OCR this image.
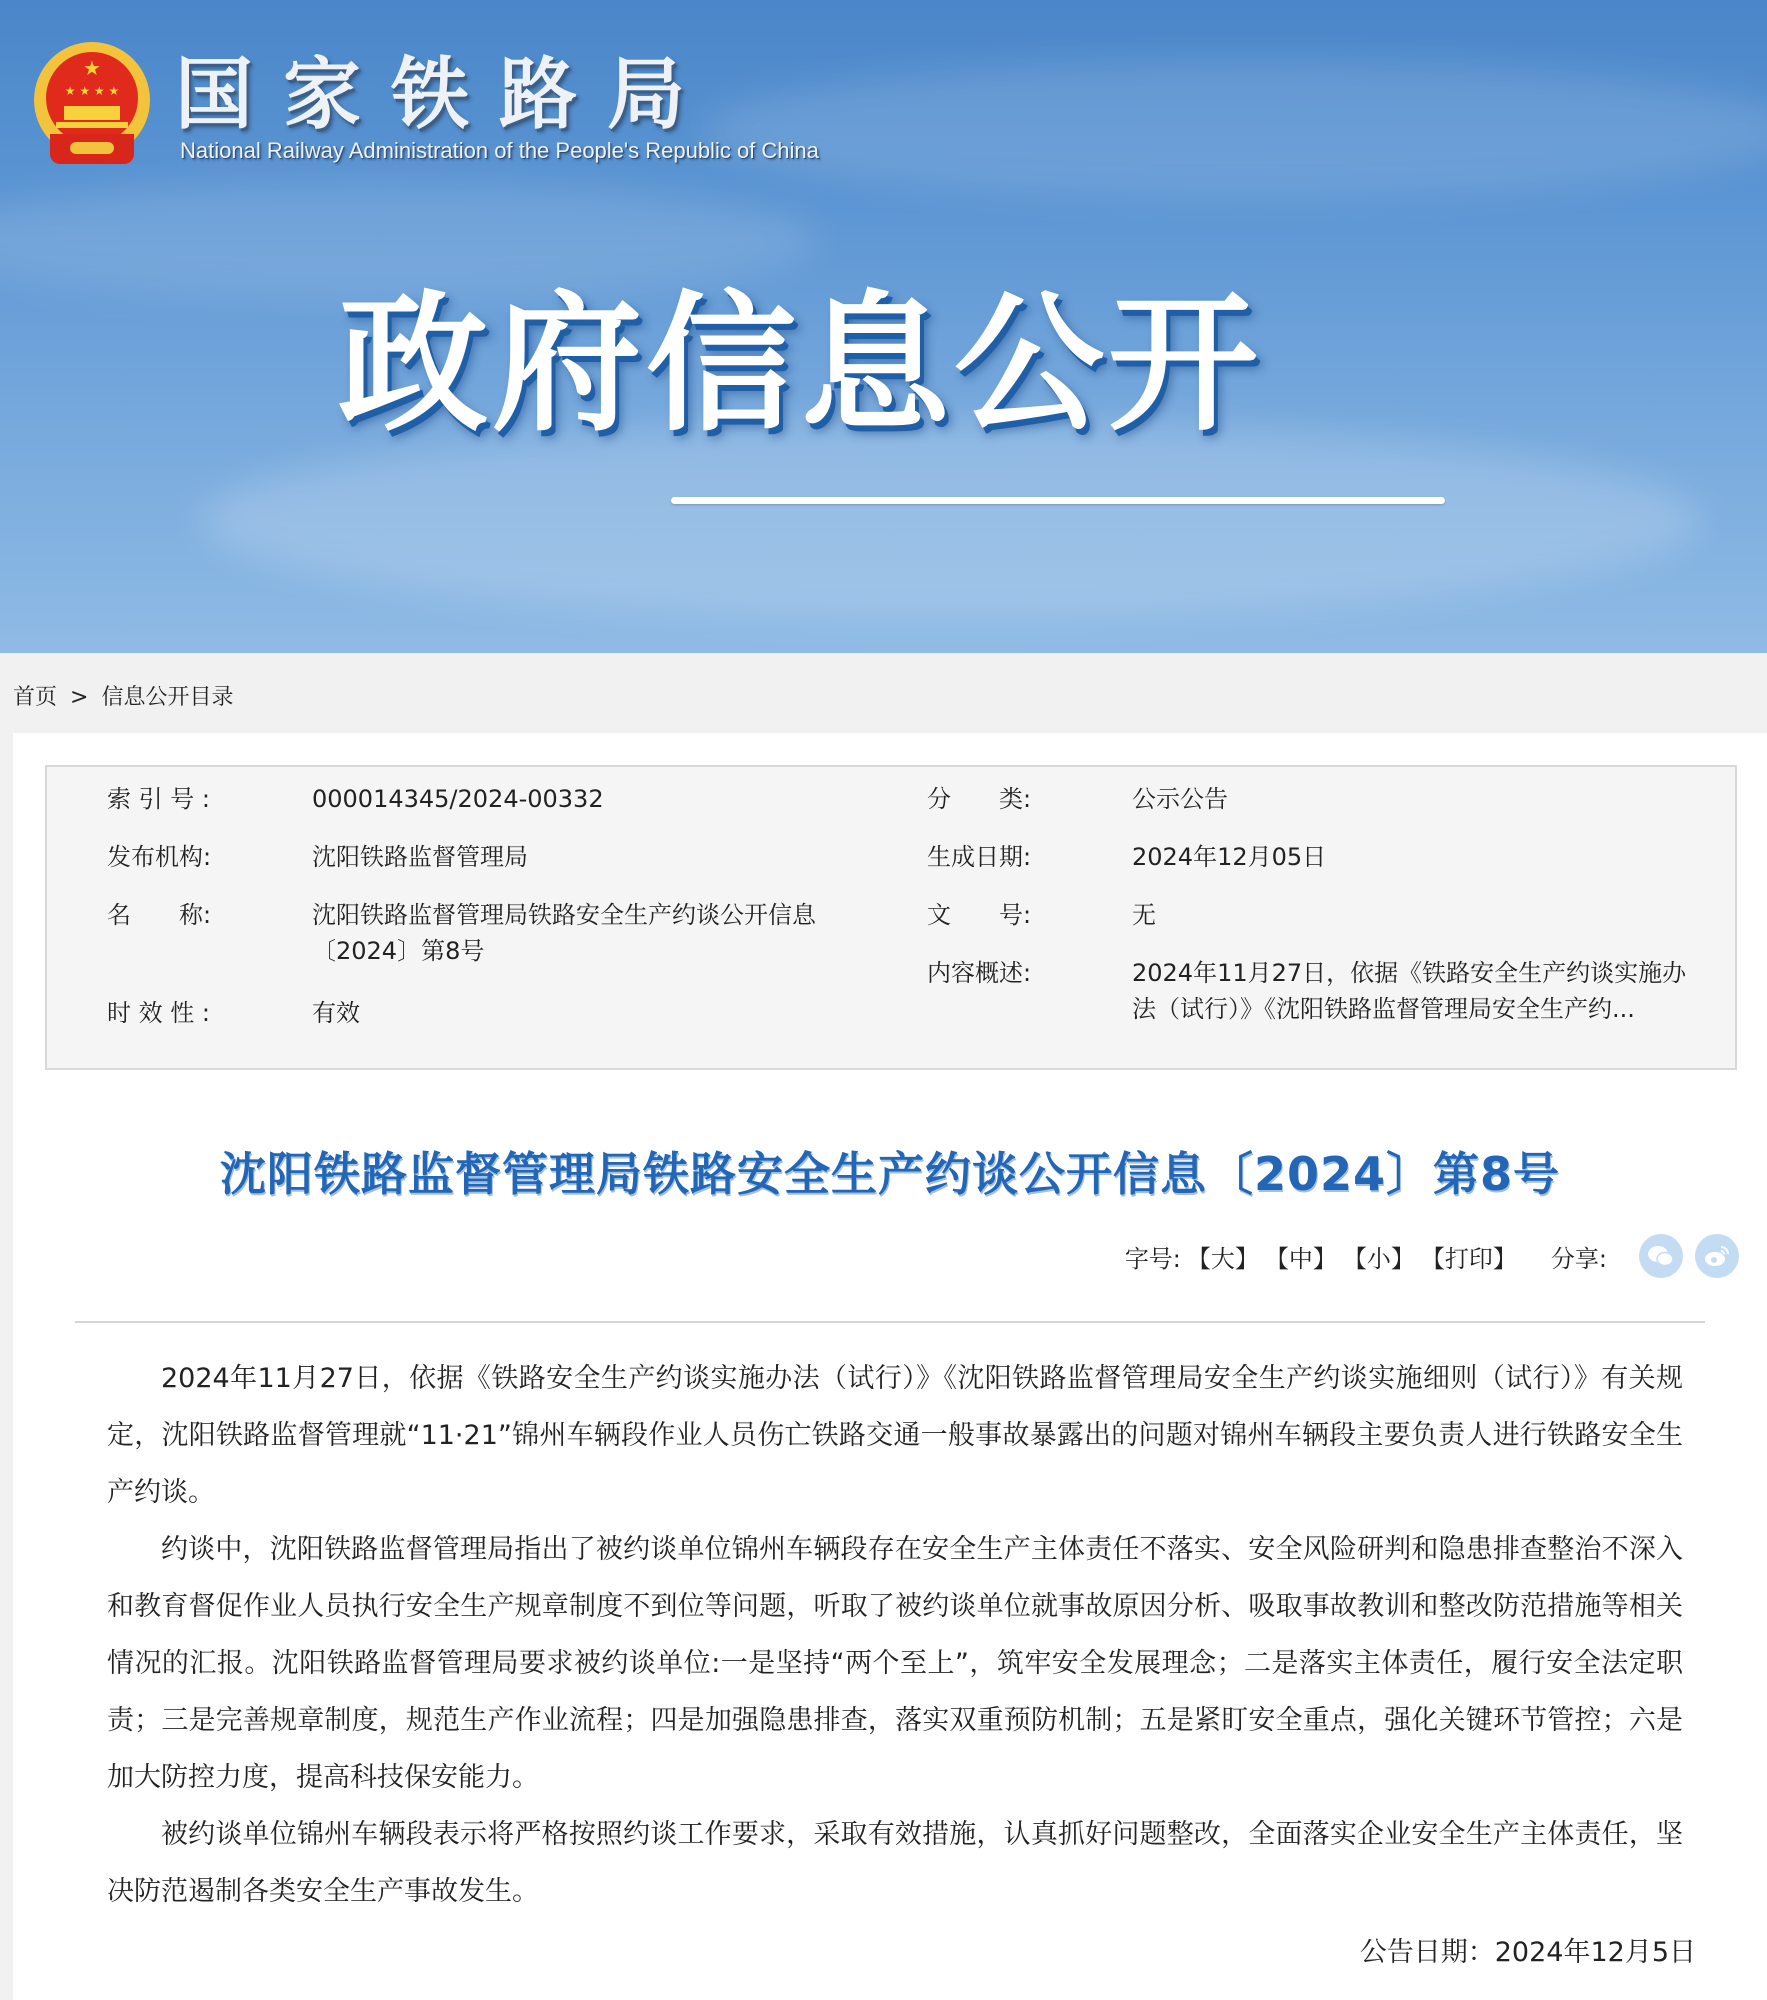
★
★ ★ ★ ★ 国家铁路局
National Railway Administration of the People's Republic of China
政府信息公开
首页 > 信息公开目录
索 引 号 :	000014345/2024-00332
发布机构:	沈阳铁路监督管理局
名　　称:	沈阳铁路监督管理局铁路安全生产约谈公开信息〔2024〕第8号
时 效 性 :	有效
分　　类:	公示公告
生成日期:	2024年12月05日
文　　号:	无
内容概述:	2024年11月27日，依据《铁路安全生产约谈实施办法（试行）》《沈阳铁路监督管理局安全生产约...
沈阳铁路监督管理局铁路安全生产约谈公开信息〔2024〕第8号
字号: 【大】 【中】 【小】 【打印】 分享:

2024年11月27日，依据《铁路安全生产约谈实施办法（试行）》《沈阳铁路监督管理局安全生产约谈实施细则（试行）》有关规定，沈阳铁路监督管理就“11·21”锦州车辆段作业人员伤亡铁路交通一般事故暴露出的问题对锦州车辆段主要负责人进行铁路安全生产约谈。

约谈中，沈阳铁路监督管理局指出了被约谈单位锦州车辆段存在安全生产主体责任不落实、安全风险研判和隐患排查整治不深入和教育督促作业人员执行安全生产规章制度不到位等问题，听取了被约谈单位就事故原因分析、吸取事故教训和整改防范措施等相关情况的汇报。沈阳铁路监督管理局要求被约谈单位:一是坚持“两个至上”，筑牢安全发展理念；二是落实主体责任，履行安全法定职责；三是完善规章制度，规范生产作业流程；四是加强隐患排查，落实双重预防机制；五是紧盯安全重点，强化关键环节管控；六是加大防控力度，提高科技保安能力。

被约谈单位锦州车辆段表示将严格按照约谈工作要求，采取有效措施，认真抓好问题整改，全面落实企业安全生产主体责任，坚决防范遏制各类安全生产事故发生。

公告日期：2024年12月5日
